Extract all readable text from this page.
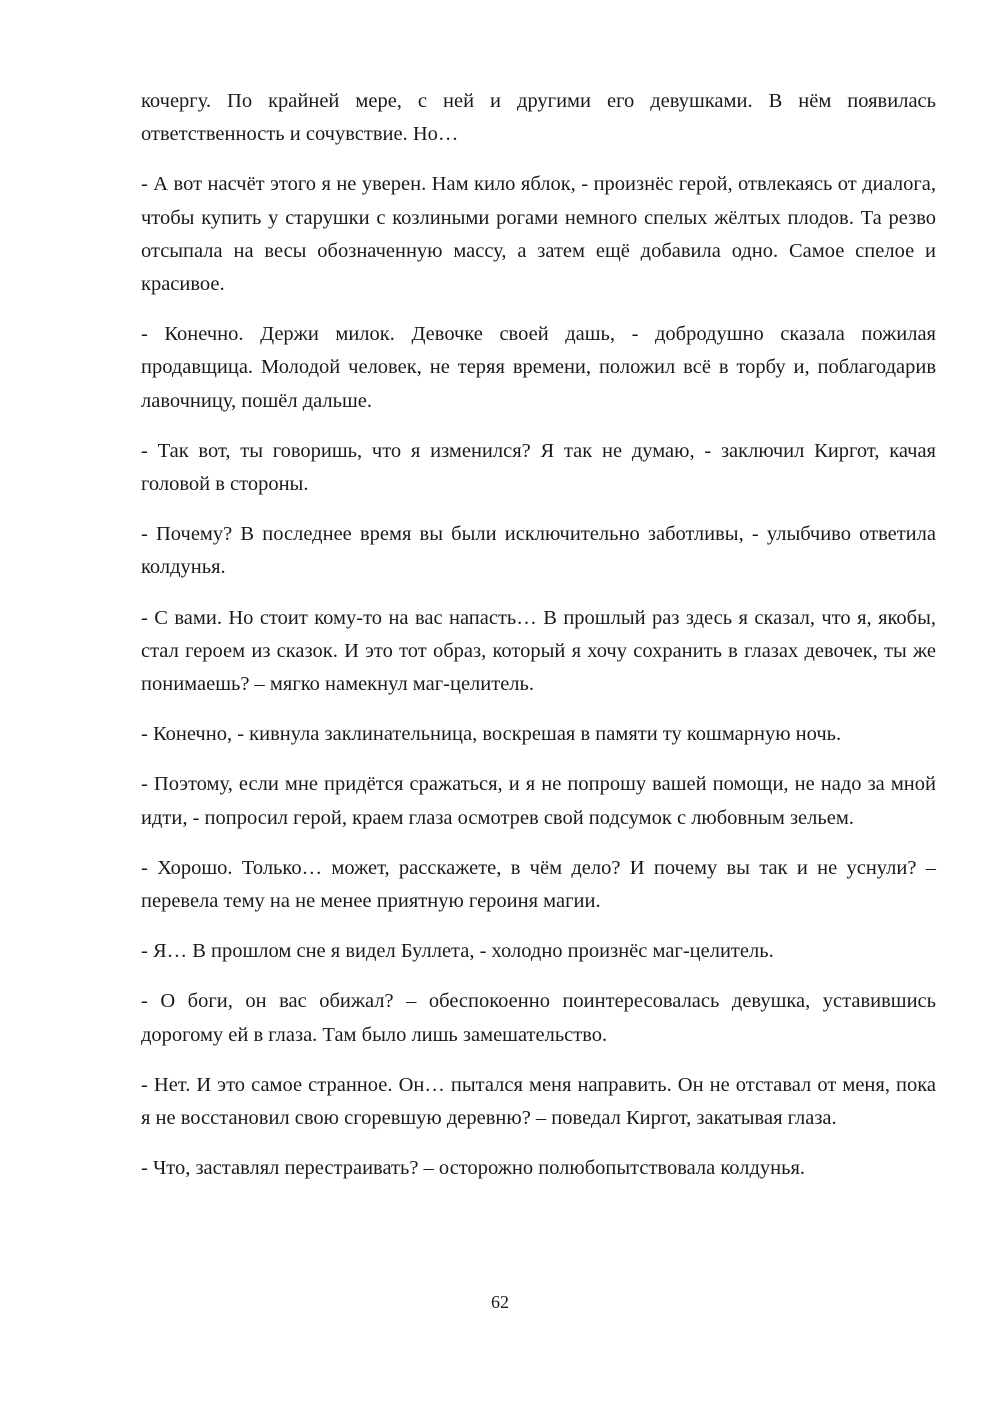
кочергу. По крайней мере, с ней и другими его девушками. В нём появилась ответственность и сочувствие. Но…

- А вот насчёт этого я не уверен. Нам кило яблок, - произнёс герой, отвлекаясь от диалога, чтобы купить у старушки с козлиными рогами немного спелых жёлтых плодов. Та резво отсыпала на весы обозначенную массу, а затем ещё добавила одно. Самое спелое и красивое.

- Конечно. Держи милок. Девочке своей дашь, - добродушно сказала пожилая продавщица. Молодой человек, не теряя времени, положил всё в торбу и, поблагодарив лавочницу, пошёл дальше.

- Так вот, ты говоришь, что я изменился? Я так не думаю, - заключил Киргот, качая головой в стороны.

- Почему? В последнее время вы были исключительно заботливы, - улыбчиво ответила колдунья.

- С вами. Но стоит кому-то на вас напасть… В прошлый раз здесь я сказал, что я, якобы, стал героем из сказок. И это тот образ, который я хочу сохранить в глазах девочек, ты же понимаешь? – мягко намекнул маг-целитель.

- Конечно, - кивнула заклинательница, воскрешая в памяти ту кошмарную ночь.

- Поэтому, если мне придётся сражаться, и я не попрошу вашей помощи, не надо за мной идти, - попросил герой, краем глаза осмотрев свой подсумок с любовным зельем.

- Хорошо. Только… может, расскажете, в чём дело? И почему вы так и не уснули? – перевела тему на не менее приятную героиня магии.

- Я… В прошлом сне я видел Буллета, - холодно произнёс маг-целитель.

- О боги, он вас обижал? – обеспокоенно поинтересовалась девушка, уставившись дорогому ей в глаза. Там было лишь замешательство.

- Нет. И это самое странное. Он… пытался меня направить. Он не отставал от меня, пока я не восстановил свою сгоревшую деревню? – поведал Киргот, закатывая глаза.

- Что, заставлял перестраивать? – осторожно полюбопытствовала колдунья.

62
